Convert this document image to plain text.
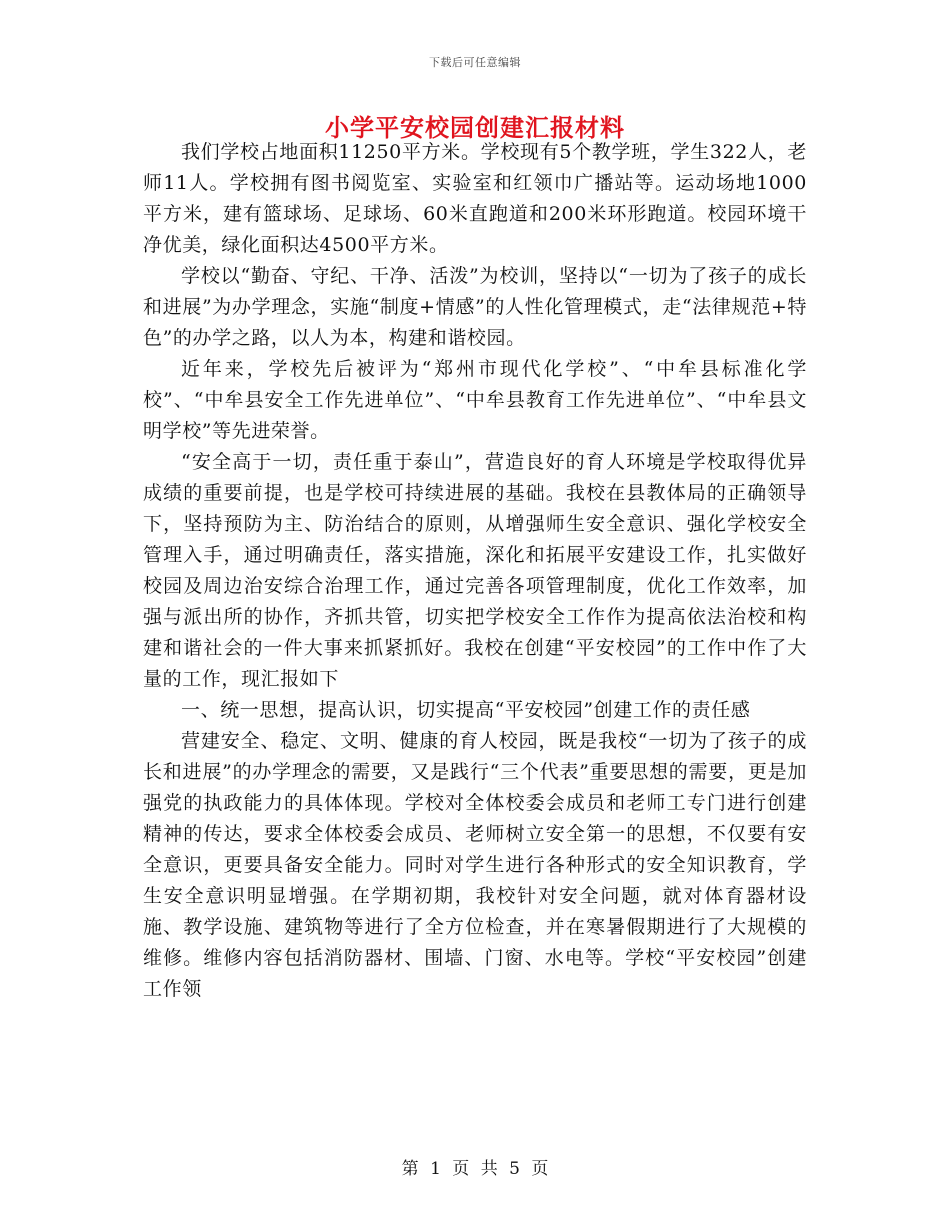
下载后可任意编辑
小学平安校园创建汇报材料

我们学校占地面积11250平方米。学校现有5个教学班，学生322人，老师11人。学校拥有图书阅览室、实验室和红领巾广播站等。运动场地1000平方米，建有篮球场、足球场、60米直跑道和200米环形跑道。校园环境干净优美，绿化面积达4500平方米。

学校以“勤奋、守纪、干净、活泼”为校训，坚持以“一切为了孩子的成长和进展”为办学理念，实施“制度+情感”的人性化管理模式，走“法律规范+特色”的办学之路，以人为本，构建和谐校园。

近年来，学校先后被评为“郑州市现代化学校”、“中牟县标准化学校”、“中牟县安全工作先进单位”、“中牟县教育工作先进单位”、“中牟县文明学校”等先进荣誉。

“安全高于一切，责任重于泰山”，营造良好的育人环境是学校取得优异成绩的重要前提，也是学校可持续进展的基础。我校在县教体局的正确领导下，坚持预防为主、防治结合的原则，从增强师生安全意识、强化学校安全管理入手，通过明确责任，落实措施，深化和拓展平安建设工作，扎实做好校园及周边治安综合治理工作，通过完善各项管理制度，优化工作效率，加强与派出所的协作，齐抓共管，切实把学校安全工作作为提高依法治校和构建和谐社会的一件大事来抓紧抓好。我校在创建“平安校园”的工作中作了大量的工作，现汇报如下

一、统一思想，提高认识，切实提高“平安校园”创建工作的责任感

营建安全、稳定、文明、健康的育人校园，既是我校“一切为了孩子的成长和进展”的办学理念的需要，又是践行“三个代表”重要思想的需要，更是加强党的执政能力的具体体现。学校对全体校委会成员和老师工专门进行创建精神的传达，要求全体校委会成员、老师树立安全第一的思想，不仅要有安全意识，更要具备安全能力。同时对学生进行各种形式的安全知识教育，学生安全意识明显增强。在学期初期，我校针对安全问题，就对体育器材设施、教学设施、建筑物等进行了全方位检查，并在寒暑假期进行了大规模的维修。维修内容包括消防器材、围墙、门窗、水电等。学校“平安校园”创建工作领

第 1 页 共 5 页
